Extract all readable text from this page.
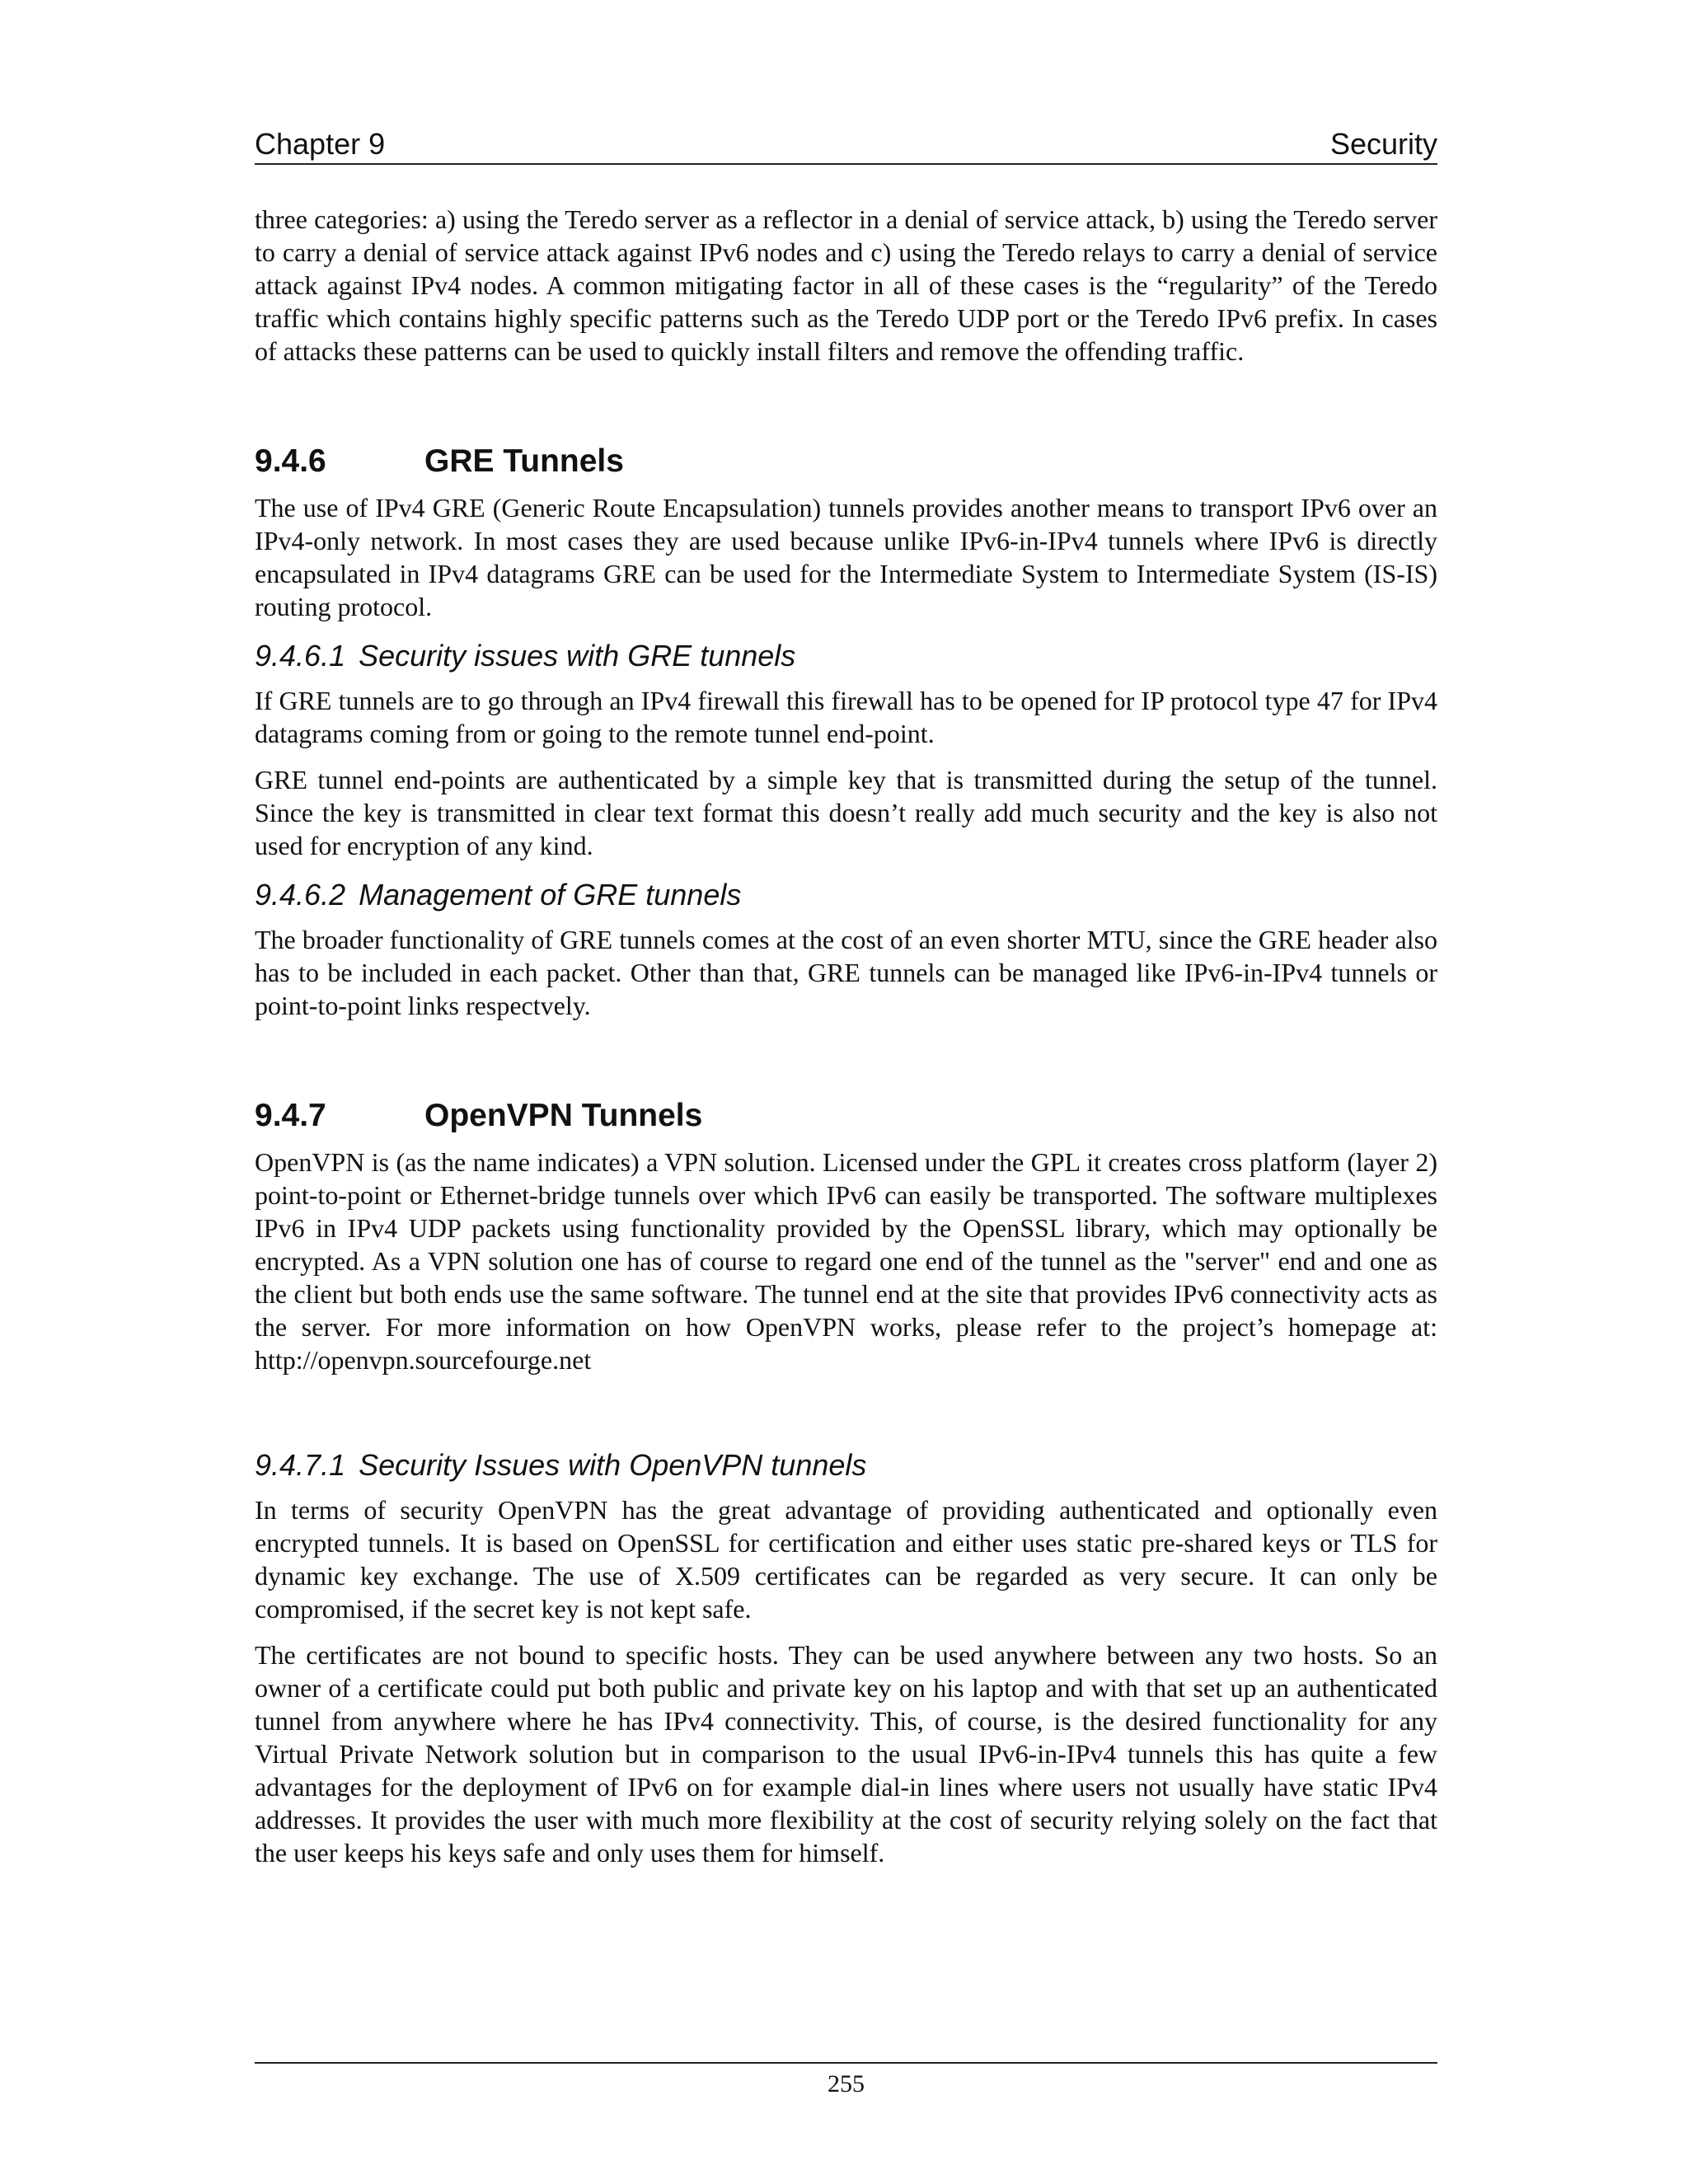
Chapter 9	Security

three categories: a) using the Teredo server as a reflector in a denial of service attack, b) using the Teredo server to carry a denial of service attack against IPv6 nodes and c) using the Teredo relays to carry a denial of service attack against IPv4 nodes. A common mitigating factor in all of these cases is the “regularity” of the Teredo traffic which contains highly specific patterns such as the Teredo UDP port or the Teredo IPv6 prefix. In cases of attacks these patterns can be used to quickly install filters and remove the offending traffic.

9.4.6	GRE Tunnels

The use of IPv4 GRE (Generic Route Encapsulation) tunnels provides another means to transport IPv6 over an IPv4-only network. In most cases they are used because unlike IPv6-in-IPv4 tunnels where IPv6 is directly encapsulated in IPv4 datagrams GRE can be used for the Intermediate System to Intermediate System (IS-IS) routing protocol.

9.4.6.1 Security issues with GRE tunnels

If GRE tunnels are to go through an IPv4 firewall this firewall has to be opened for IP protocol type 47 for IPv4 datagrams coming from or going to the remote tunnel end-point.

GRE tunnel end-points are authenticated by a simple key that is transmitted during the setup of the tunnel. Since the key is transmitted in clear text format this doesn’t really add much security and the key is also not used for encryption of any kind.

9.4.6.2 Management of GRE tunnels

The broader functionality of GRE tunnels comes at the cost of an even shorter MTU, since the GRE header also has to be included in each packet. Other than that, GRE tunnels can be managed like IPv6-in-IPv4 tunnels or point-to-point links respectvely.

9.4.7	OpenVPN Tunnels

OpenVPN is (as the name indicates) a VPN solution. Licensed under the GPL it creates cross platform (layer 2) point-to-point or Ethernet-bridge tunnels over which IPv6 can easily be transported. The software multiplexes IPv6 in IPv4 UDP packets using functionality provided by the OpenSSL library, which may optionally be encrypted. As a VPN solution one has of course to regard one end of the tunnel as the "server" end and one as the client but both ends use the same software. The tunnel end at the site that provides IPv6 connectivity acts as the server. For more information on how OpenVPN works, please refer to the project’s homepage at: http://openvpn.sourcefourge.net

9.4.7.1 Security Issues with OpenVPN tunnels

In terms of security OpenVPN has the great advantage of providing authenticated and optionally even encrypted tunnels. It is based on OpenSSL for certification and either uses static pre-shared keys or TLS for dynamic key exchange. The use of X.509 certificates can be regarded as very secure. It can only be compromised, if the secret key is not kept safe.

The certificates are not bound to specific hosts. They can be used anywhere between any two hosts. So an owner of a certificate could put both public and private key on his laptop and with that set up an authenticated tunnel from anywhere where he has IPv4 connectivity. This, of course, is the desired functionality for any Virtual Private Network solution but in comparison to the usual IPv6-in-IPv4 tunnels this has quite a few advantages for the deployment of IPv6 on for example dial-in lines where users not usually have static IPv4 addresses. It provides the user with much more flexibility at the cost of security relying solely on the fact that the user keeps his keys safe and only uses them for himself.

255
